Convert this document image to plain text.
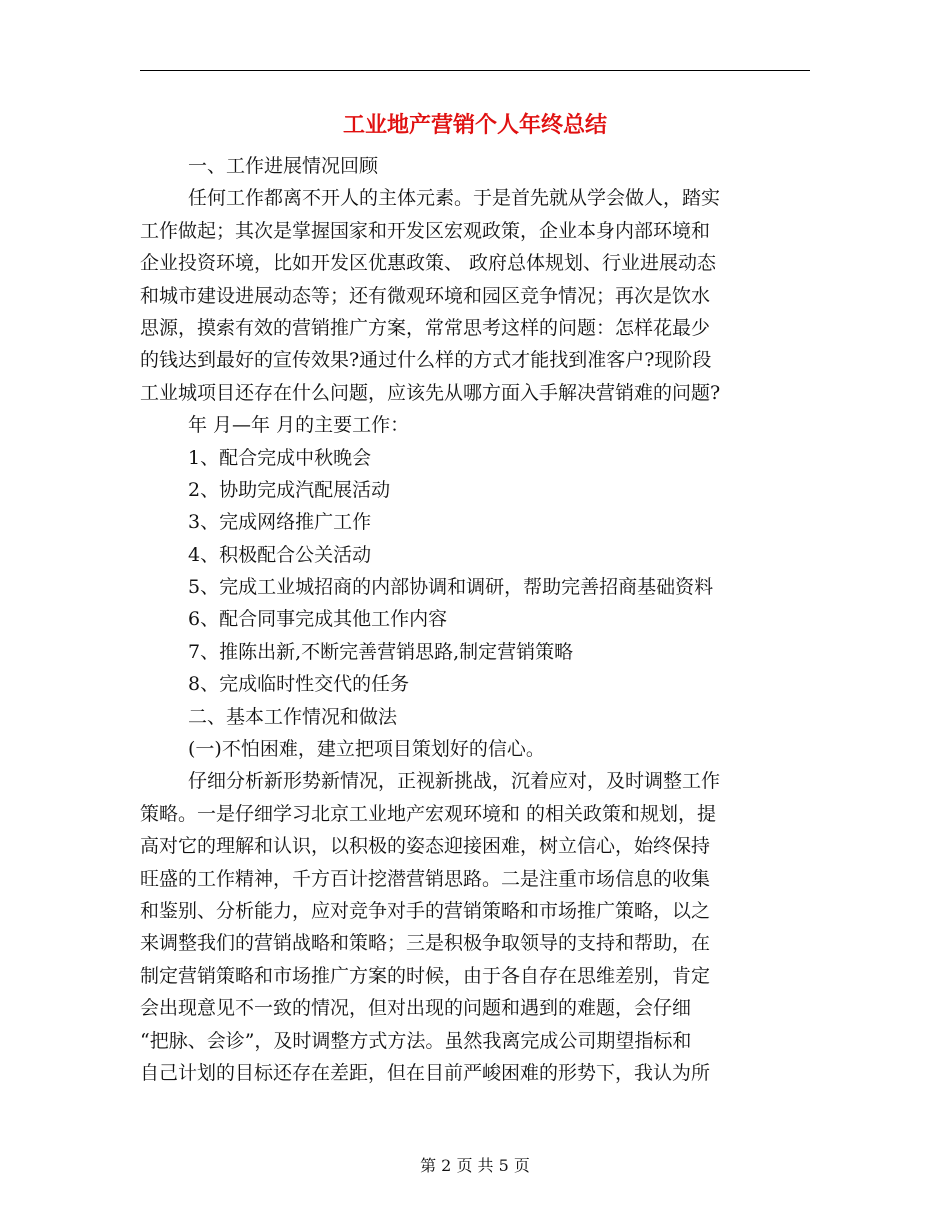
工业地产营销个人年终总结
一、工作进展情况回顾
任何工作都离不开人的主体元素。于是首先就从学会做人，踏实
工作做起；其次是掌握国家和开发区宏观政策，企业本身内部环境和
企业投资环境，比如开发区优惠政策、 政府总体规划、行业进展动态
和城市建设进展动态等；还有微观环境和园区竞争情况；再次是饮水
思源，摸索有效的营销推广方案，常常思考这样的问题：怎样花最少
的钱达到最好的宣传效果?通过什么样的方式才能找到准客户?现阶段
工业城项目还存在什么问题，应该先从哪方面入手解决营销难的问题?
年 月—年 月的主要工作：
1、配合完成中秋晚会
2、协助完成汽配展活动
3、完成网络推广工作
4、积极配合公关活动
5、完成工业城招商的内部协调和调研，帮助完善招商基础资料
6、配合同事完成其他工作内容
7、推陈出新,不断完善营销思路,制定营销策略
8、完成临时性交代的任务
二、基本工作情况和做法
(一)不怕困难，建立把项目策划好的信心。
仔细分析新形势新情况，正视新挑战，沉着应对，及时调整工作
策略。一是仔细学习北京工业地产宏观环境和 的相关政策和规划，提
高对它的理解和认识，以积极的姿态迎接困难，树立信心，始终保持
旺盛的工作精神，千方百计挖潜营销思路。二是注重市场信息的收集
和鉴别、分析能力，应对竞争对手的营销策略和市场推广策略，以之
来调整我们的营销战略和策略；三是积极争取领导的支持和帮助，在
制定营销策略和市场推广方案的时候，由于各自存在思维差别，肯定
会出现意见不一致的情况，但对出现的问题和遇到的难题，会仔细
“把脉、会诊”，及时调整方式方法。虽然我离完成公司期望指标和
自己计划的目标还存在差距，但在目前严峻困难的形势下，我认为所
第 2 页 共 5 页
